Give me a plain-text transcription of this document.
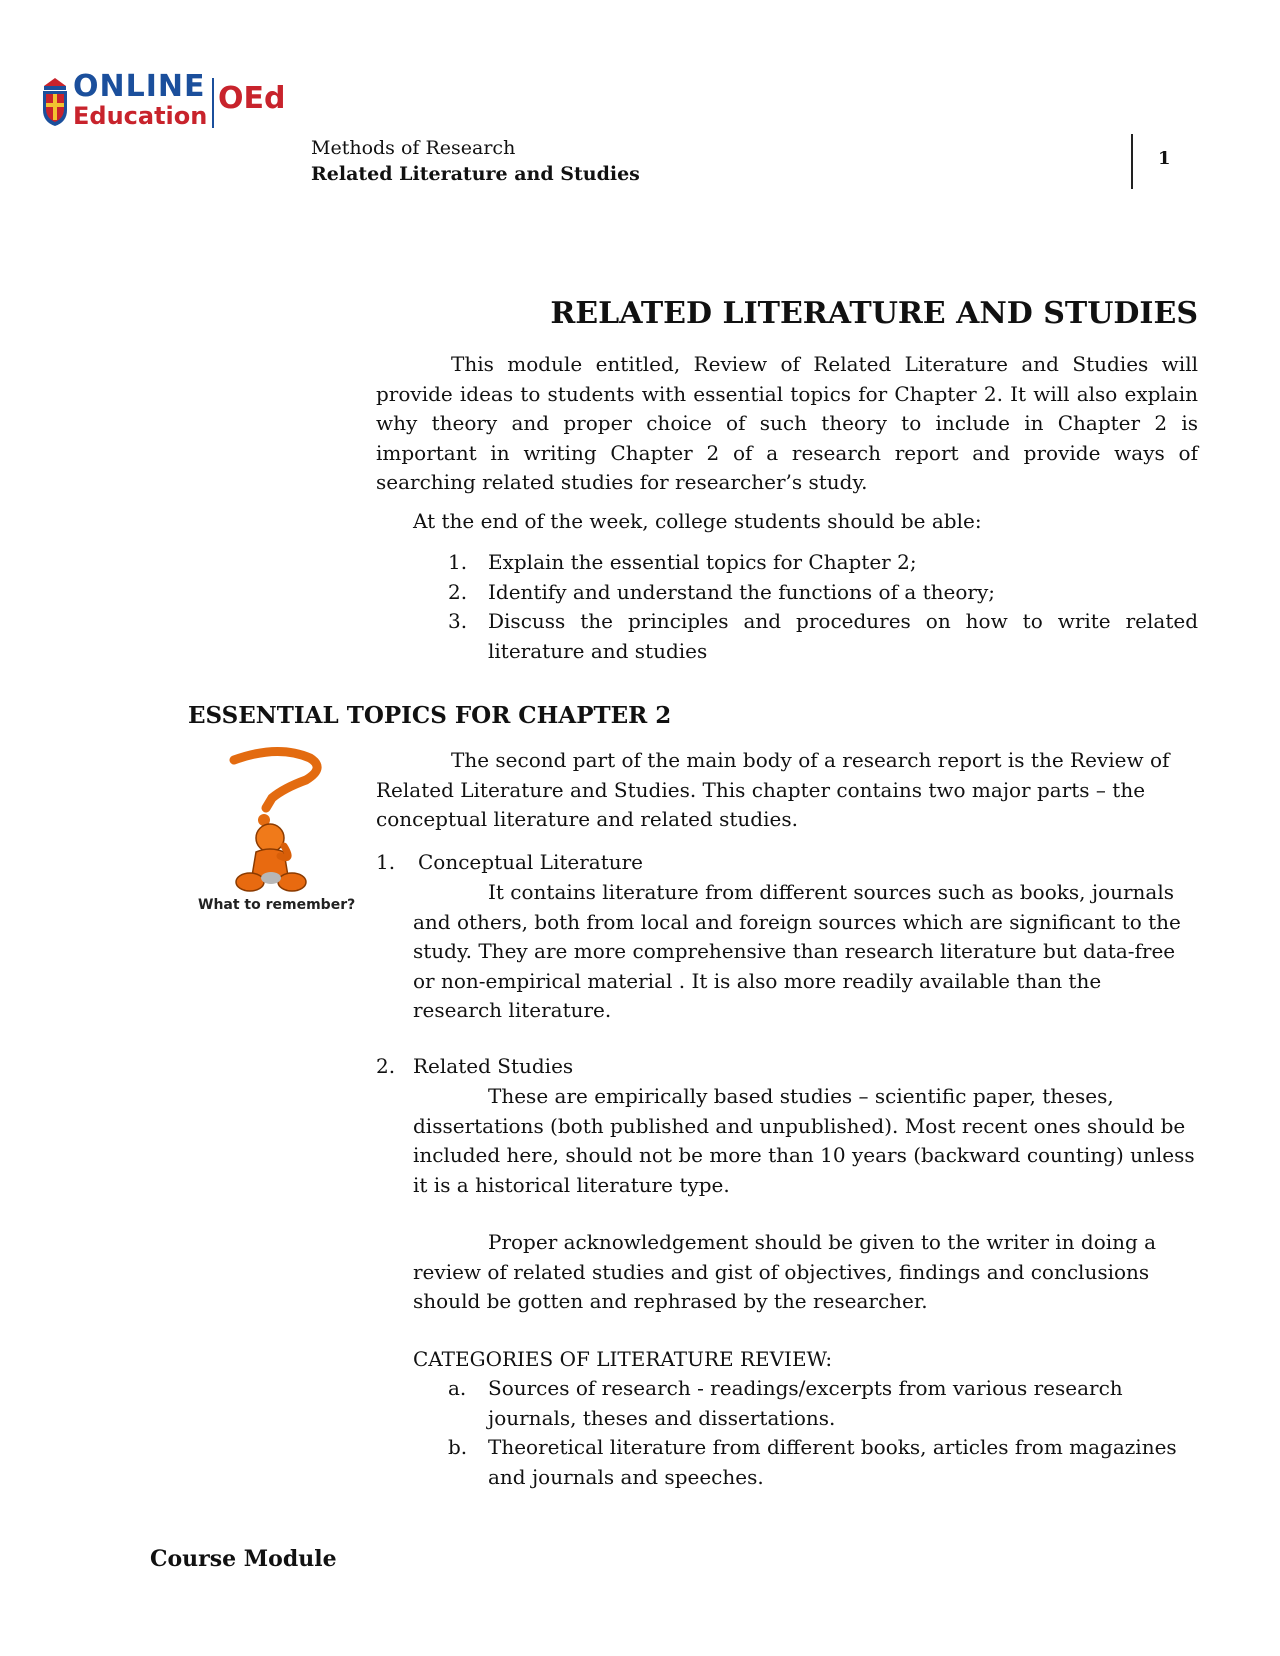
ONLINE
Education OEd
Methods of Research
Related Literature and Studies
1
RELATED LITERATURE AND STUDIES
This module entitled, Review of Related Literature and Studies will provide ideas to students with essential topics for Chapter 2. It will also explain why theory and proper choice of such theory to include in Chapter 2 is important in writing Chapter 2 of a research report and provide ways of searching related studies for researcher’s study.
At the end of the week, college students should be able:
1. Explain the essential topics for Chapter 2;
2. Identify and understand the functions of a theory;
3. Discuss the principles and procedures on how to write related literature and studies
ESSENTIAL TOPICS FOR CHAPTER 2
What to remember?
The second part of the main body of a research report is the Review of Related Literature and Studies. This chapter contains two major parts – the conceptual literature and related studies.
1. Conceptual Literature
It contains literature from different sources such as books, journals and others, both from local and foreign sources which are significant to the study. They are more comprehensive than research literature but data-free or non-empirical material . It is also more readily available than the research literature.
2. Related Studies
These are empirically based studies – scientific paper, theses, dissertations (both published and unpublished). Most recent ones should be included here, should not be more than 10 years (backward counting) unless it is a historical literature type.
Proper acknowledgement should be given to the writer in doing a review of related studies and gist of objectives, findings and conclusions should be gotten and rephrased by the researcher.
CATEGORIES OF LITERATURE REVIEW:
a. Sources of research - readings/excerpts from various research journals, theses and dissertations.
b. Theoretical literature from different books, articles from magazines and journals and speeches.
Course Module
